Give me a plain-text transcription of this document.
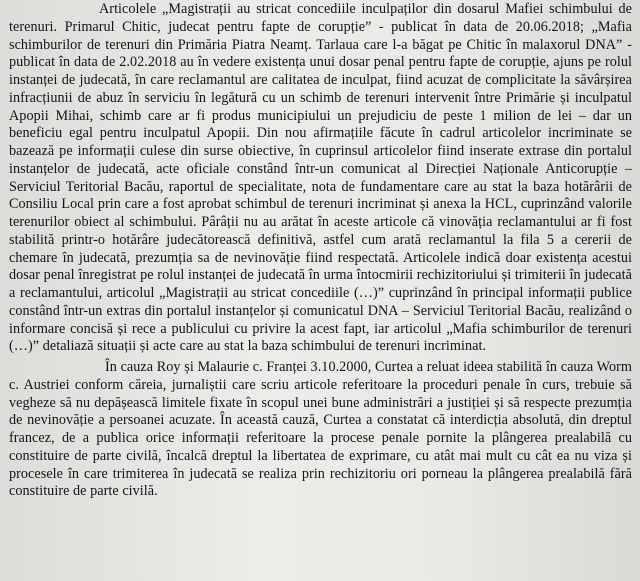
Articolele „Magistrații au stricat concediile inculpaților din dosarul Mafiei schimbului de terenuri. Primarul Chitic, judecat pentru fapte de corupție” - publicat în data de 20.06.2018; „Mafia schimburilor de terenuri din Primăria Piatra Neamț. Tarlaua care l-a băgat pe Chitic în malaxorul DNA” - publicat în data de 2.02.2018 au în vedere existența unui dosar penal pentru fapte de corupție, ajuns pe rolul instanței de judecată, în care reclamantul are calitatea de inculpat, fiind acuzat de complicitate la săvârșirea infracțiunii de abuz în serviciu în legătură cu un schimb de terenuri intervenit între Primărie și inculpatul Apopii Mihai, schimb care ar fi produs municipiului un prejudiciu de peste 1 milion de lei – dar un beneficiu egal pentru inculpatul Apopii. Din nou afirmațiile făcute în cadrul articolelor incriminate se bazează pe informații culese din surse obiective, în cuprinsul articolelor fiind inserate extrase din portalul instanțelor de judecată, acte oficiale constând într-un comunicat al Direcției Naționale Anticorupție – Serviciul Teritorial Bacău, raportul de specialitate, nota de fundamentare care au stat la baza hotărârii de Consiliu Local prin care a fost aprobat schimbul de terenuri incriminat și anexa la HCL, cuprinzând valorile terenurilor obiect al schimbului. Pârâții nu au arătat în aceste articole că vinovăția reclamantului ar fi fost stabilită printr-o hotărâre judecătorească definitivă, astfel cum arată reclamantul la fila 5 a cererii de chemare în judecată, prezumția sa de nevinovăție fiind respectată. Articolele indică doar existența acestui dosar penal înregistrat pe rolul instanței de judecată în urma întocmirii rechizitoriului și trimiterii în judecată a reclamantului, articolul „Magistrații au stricat concediile (…)” cuprinzând în principal informații publice constând într-un extras din portalul instanțelor și comunicatul DNA – Serviciul Teritorial Bacău, realizând o informare concisă și rece a publicului cu privire la acest fapt, iar articolul „Mafia schimburilor de terenuri (…)” detaliază situații și acte care au stat la baza schimbului de terenuri incriminat.

În cauza Roy și Malaurie c. Franței 3.10.2000, Curtea a reluat ideea stabilită în cauza Worm c. Austriei conform căreia, jurnaliștii care scriu articole referitoare la proceduri penale în curs, trebuie să vegheze să nu depășească limitele fixate în scopul unei bune administrări a justiției și să respecte prezumția de nevinovăție a persoanei acuzate. În această cauză, Curtea a constatat că interdicția absolută, din dreptul francez, de a publica orice informații referitoare la procese penale pornite la plângerea prealabilă cu constituire de parte civilă, încalcă dreptul la libertatea de exprimare, cu atât mai mult cu cât ea nu viza și procesele în care trimiterea în judecată se realiza prin rechizitoriu ori porneau la plângerea prealabilă fără constituire de parte civilă.
